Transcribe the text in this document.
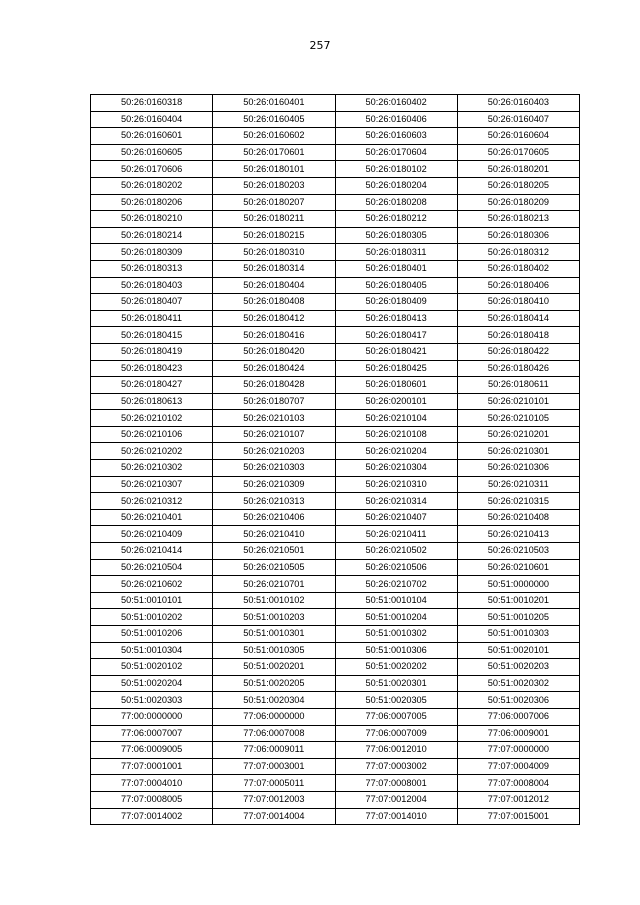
257
50:26:0160318	50:26:0160401	50:26:0160402	50:26:0160403
50:26:0160404	50:26:0160405	50:26:0160406	50:26:0160407
50:26:0160601	50:26:0160602	50:26:0160603	50:26:0160604
50:26:0160605	50:26:0170601	50:26:0170604	50:26:0170605
50:26:0170606	50:26:0180101	50:26:0180102	50:26:0180201
50:26:0180202	50:26:0180203	50:26:0180204	50:26:0180205
50:26:0180206	50:26:0180207	50:26:0180208	50:26:0180209
50:26:0180210	50:26:0180211	50:26:0180212	50:26:0180213
50:26:0180214	50:26:0180215	50:26:0180305	50:26:0180306
50:26:0180309	50:26:0180310	50:26:0180311	50:26:0180312
50:26:0180313	50:26:0180314	50:26:0180401	50:26:0180402
50:26:0180403	50:26:0180404	50:26:0180405	50:26:0180406
50:26:0180407	50:26:0180408	50:26:0180409	50:26:0180410
50:26:0180411	50:26:0180412	50:26:0180413	50:26:0180414
50:26:0180415	50:26:0180416	50:26:0180417	50:26:0180418
50:26:0180419	50:26:0180420	50:26:0180421	50:26:0180422
50:26:0180423	50:26:0180424	50:26:0180425	50:26:0180426
50:26:0180427	50:26:0180428	50:26:0180601	50:26:0180611
50:26:0180613	50:26:0180707	50:26:0200101	50:26:0210101
50:26:0210102	50:26:0210103	50:26:0210104	50:26:0210105
50:26:0210106	50:26:0210107	50:26:0210108	50:26:0210201
50:26:0210202	50:26:0210203	50:26:0210204	50:26:0210301
50:26:0210302	50:26:0210303	50:26:0210304	50:26:0210306
50:26:0210307	50:26:0210309	50:26:0210310	50:26:0210311
50:26:0210312	50:26:0210313	50:26:0210314	50:26:0210315
50:26:0210401	50:26:0210406	50:26:0210407	50:26:0210408
50:26:0210409	50:26:0210410	50:26:0210411	50:26:0210413
50:26:0210414	50:26:0210501	50:26:0210502	50:26:0210503
50:26:0210504	50:26:0210505	50:26:0210506	50:26:0210601
50:26:0210602	50:26:0210701	50:26:0210702	50:51:0000000
50:51:0010101	50:51:0010102	50:51:0010104	50:51:0010201
50:51:0010202	50:51:0010203	50:51:0010204	50:51:0010205
50:51:0010206	50:51:0010301	50:51:0010302	50:51:0010303
50:51:0010304	50:51:0010305	50:51:0010306	50:51:0020101
50:51:0020102	50:51:0020201	50:51:0020202	50:51:0020203
50:51:0020204	50:51:0020205	50:51:0020301	50:51:0020302
50:51:0020303	50:51:0020304	50:51:0020305	50:51:0020306
77:00:0000000	77:06:0000000	77:06:0007005	77:06:0007006
77:06:0007007	77:06:0007008	77:06:0007009	77:06:0009001
77:06:0009005	77:06:0009011	77:06:0012010	77:07:0000000
77:07:0001001	77:07:0003001	77:07:0003002	77:07:0004009
77:07:0004010	77:07:0005011	77:07:0008001	77:07:0008004
77:07:0008005	77:07:0012003	77:07:0012004	77:07:0012012
77:07:0014002	77:07:0014004	77:07:0014010	77:07:0015001
